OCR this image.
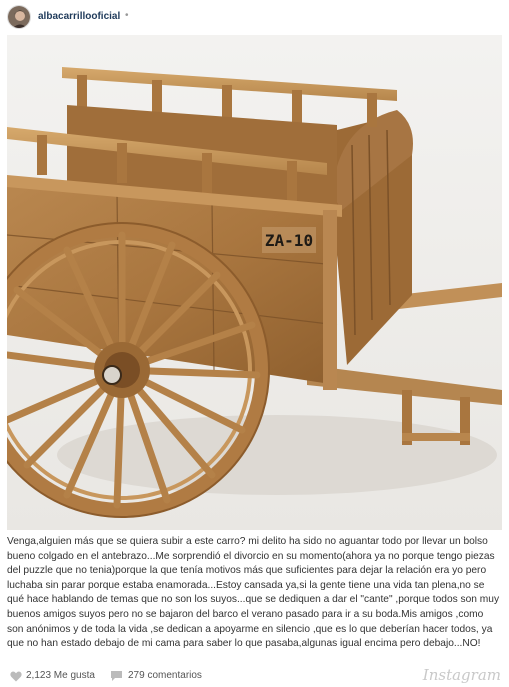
albacarrillooficial •
ZA-10

Venga,alguien más que se quiera subir a este carro? mi delito ha sido no aguantar todo por llevar un bolso bueno colgado en el antebrazo...Me sorprendió el divorcio en su momento(ahora ya no porque tengo piezas del puzzle que no tenia)porque la que tenía motivos más que suficientes para dejar la relación era yo pero luchaba sin parar porque estaba enamorada...Estoy cansada ya,si la gente tiene una vida tan plena,no se qué hace hablando de temas que no son los suyos...que se dediquen a dar el "cante" ,porque todos son muy buenos amigos suyos pero no se bajaron del barco el verano pasado para ir a su boda.Mis amigos ,como son anónimos y de toda la vida ,se dedican a apoyarme en silencio ,que es lo que deberían hacer todos, ya que no han estado debajo de mi cama para saber lo que pasaba,algunas igual encima pero debajo...NO!

2,123 Me gusta	279 comentarios	Instagram
